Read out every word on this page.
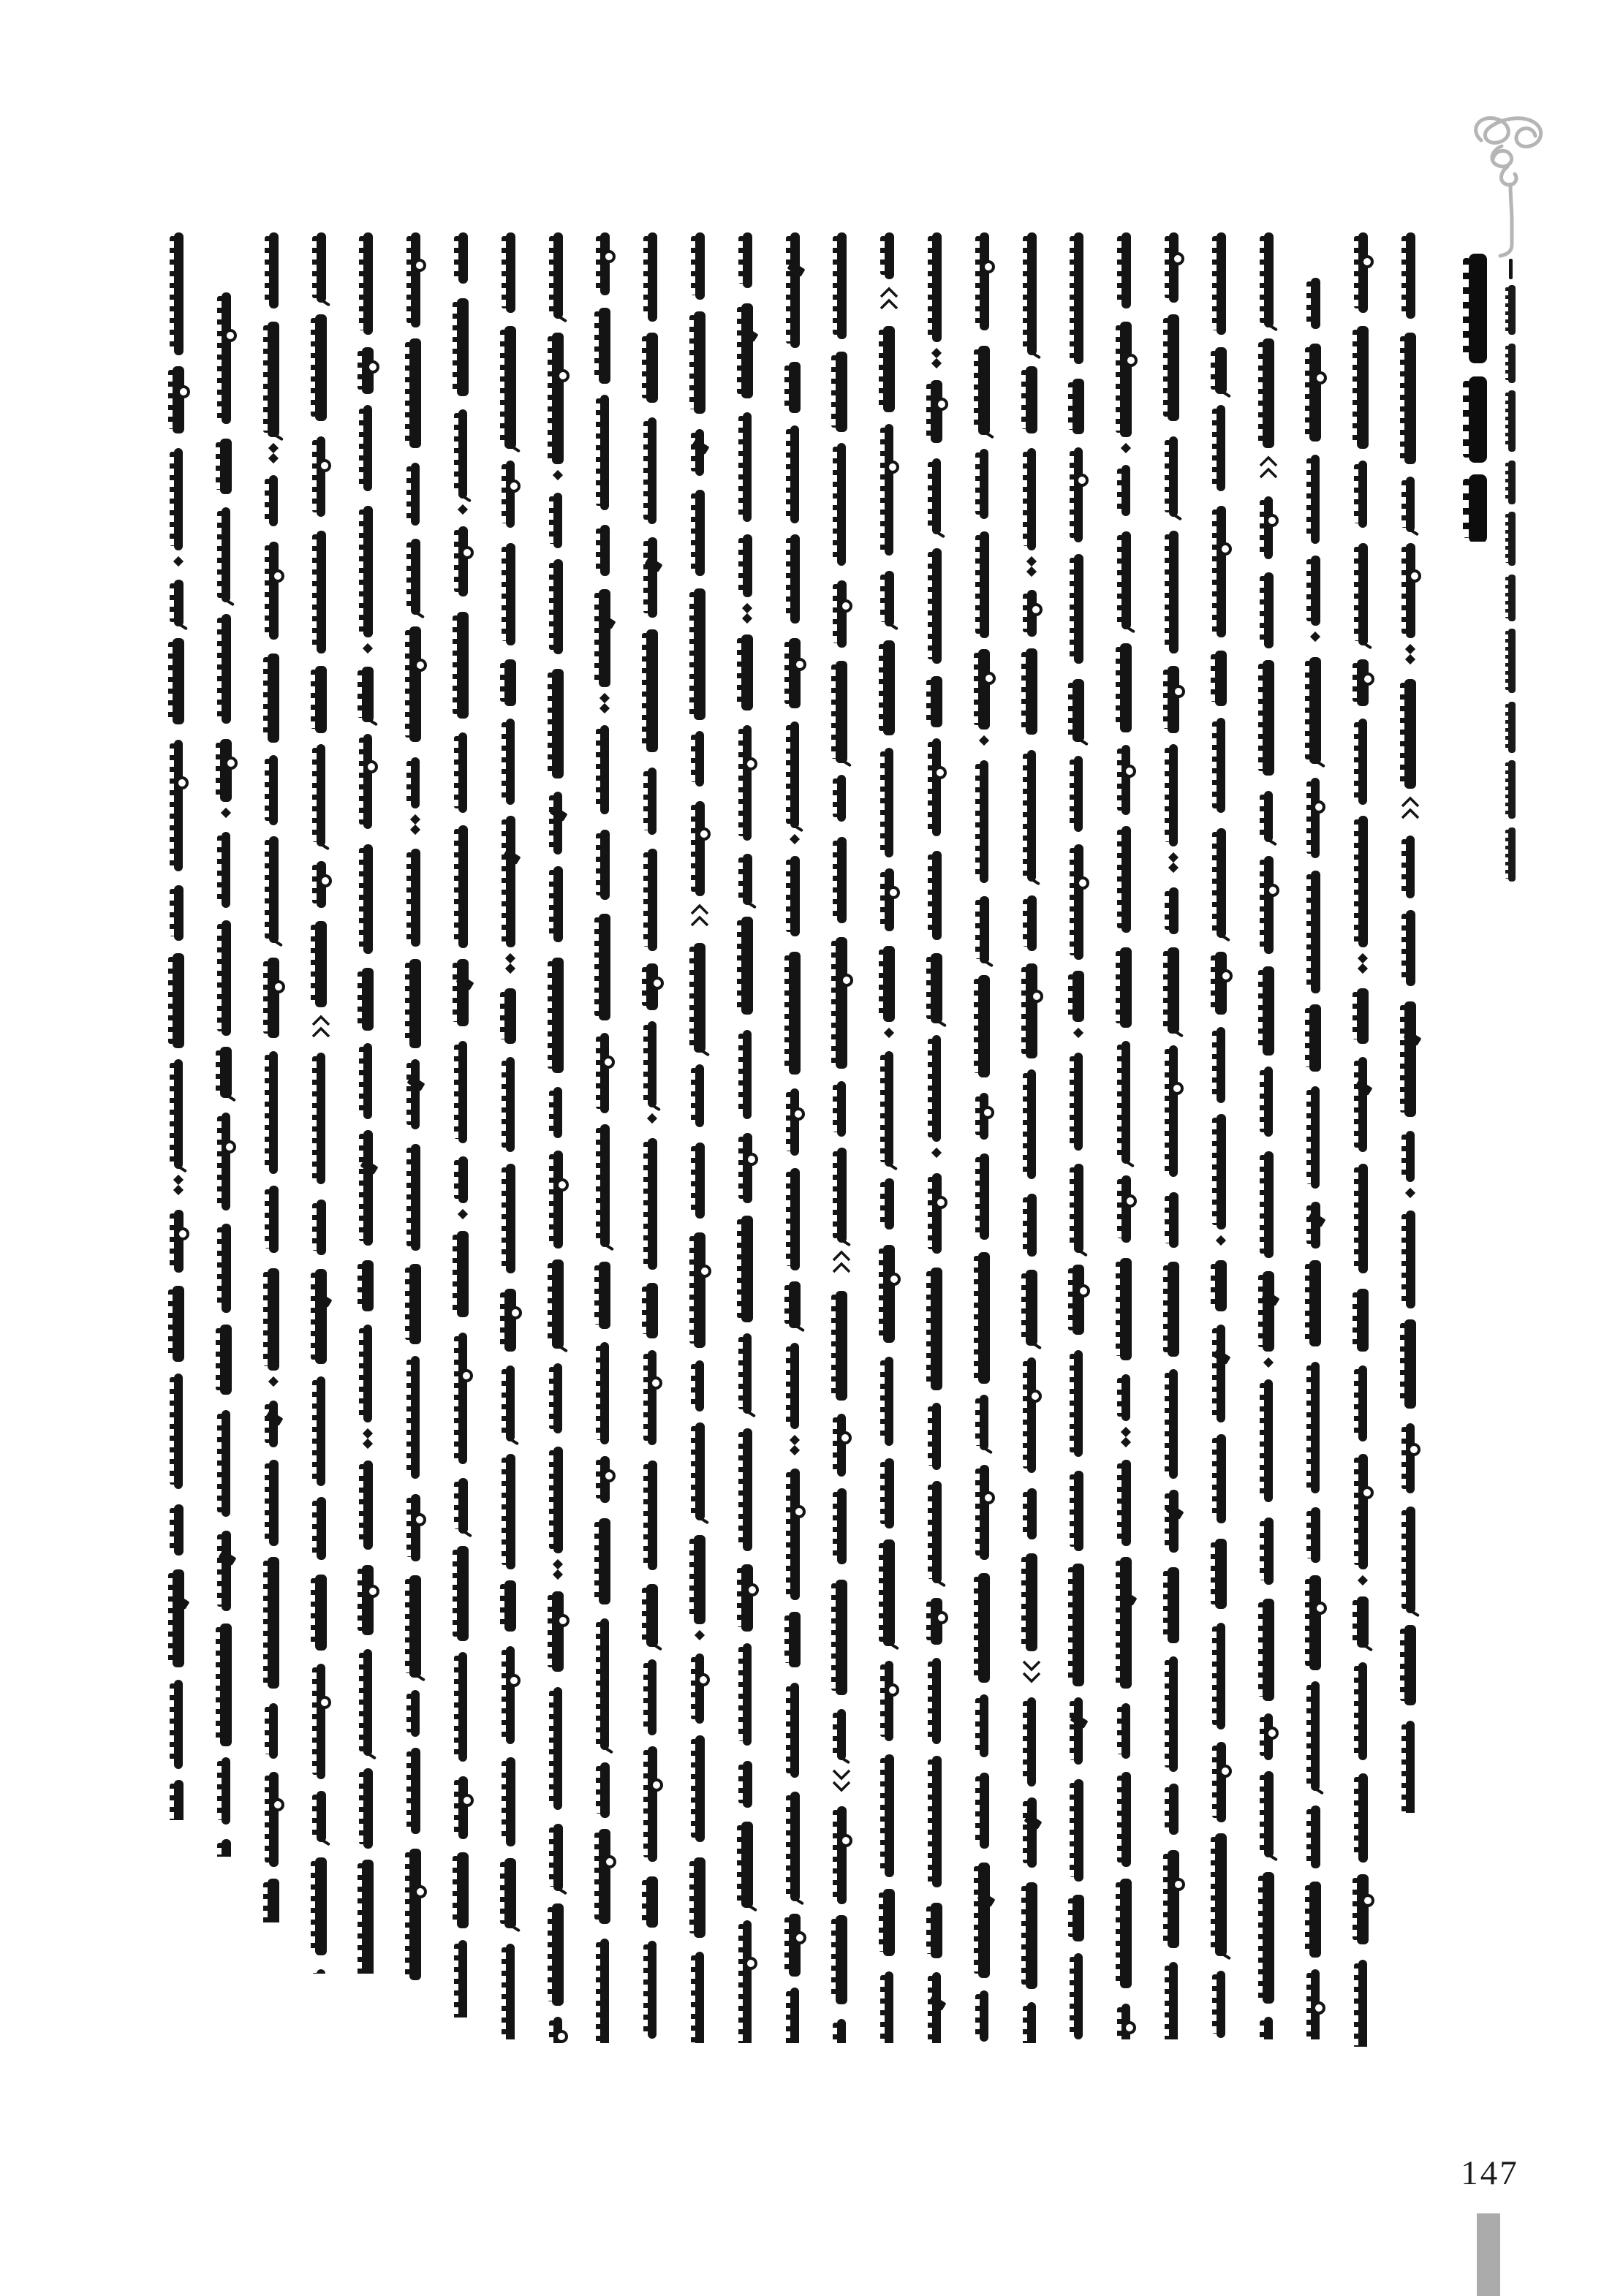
147
